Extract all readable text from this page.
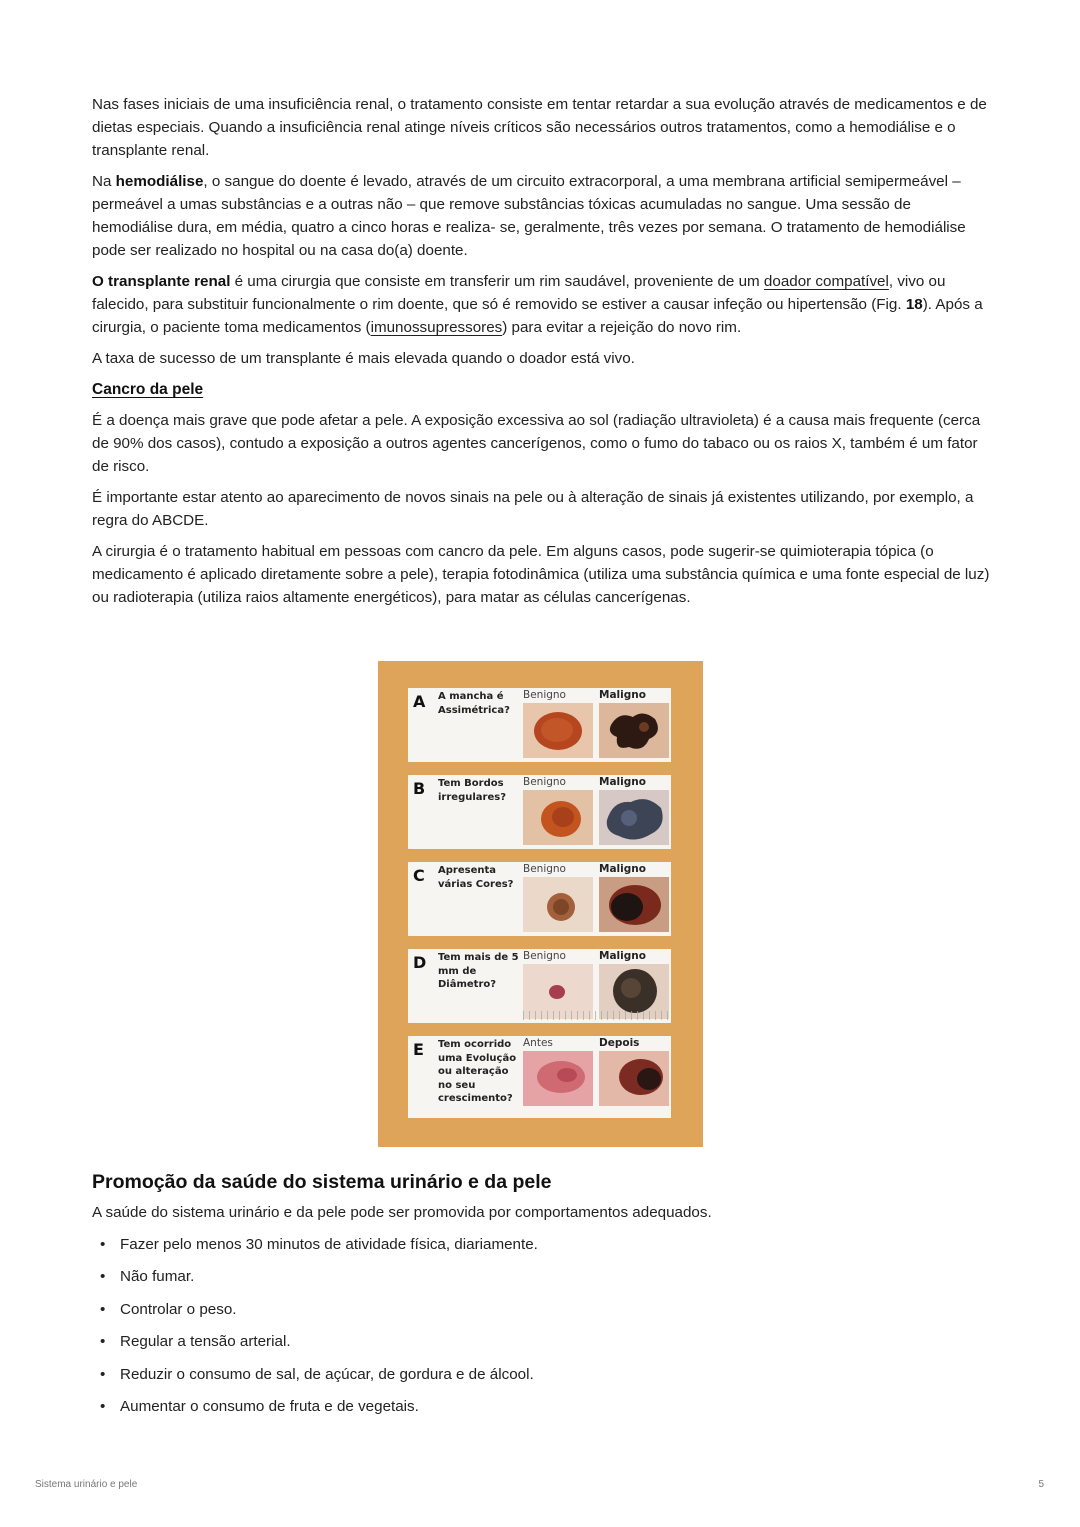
Nas fases iniciais de uma insuficiência renal, o tratamento consiste em tentar retardar a sua evolução através de medicamentos e de dietas especiais. Quando a insuficiência renal atinge níveis críticos são necessários outros tratamentos, como a hemodiálise e o transplante renal.

Na hemodiálise, o sangue do doente é levado, através de um circuito extracorporal, a uma membrana artificial semipermeável – permeável a umas substâncias e a outras não – que remove substâncias tóxicas acumuladas no sangue. Uma sessão de hemodiálise dura, em média, quatro a cinco horas e realiza- se, geralmente, três vezes por semana. O tratamento de hemodiálise pode ser realizado no hospital ou na casa do(a) doente.

O transplante renal é uma cirurgia que consiste em transferir um rim saudável, proveniente de um doador compatível, vivo ou falecido, para substituir funcionalmente o rim doente, que só é removido se estiver a causar infeção ou hipertensão (Fig. 18). Após a cirurgia, o paciente toma medicamentos (imunossupressores) para evitar a rejeição do novo rim.

A taxa de sucesso de um transplante é mais elevada quando o doador está vivo.

Cancro da pele

É a doença mais grave que pode afetar a pele. A exposição excessiva ao sol (radiação ultravioleta) é a causa mais frequente (cerca de 90% dos casos), contudo a exposição a outros agentes cancerígenos, como o fumo do tabaco ou os raios X, também é um fator de risco.

É importante estar atento ao aparecimento de novos sinais na pele ou à alteração de sinais já existentes utilizando, por exemplo, a regra do ABCDE.

A cirurgia é o tratamento habitual em pessoas com cancro da pele. Em alguns casos, pode sugerir-se quimioterapia tópica (o medicamento é aplicado diretamente sobre a pele), terapia fotodinâmica (utiliza uma substância química e uma fonte especial de luz) ou radioterapia (utiliza raios altamente energéticos), para matar as células cancerígenas.

A A mancha é Assimétrica?
Benigno	Maligno
B Tem Bordos irregulares?
Benigno	Maligno
C Apresenta várias Cores?
Benigno	Maligno
D Tem mais de 5 mm de Diâmetro?
Benigno	Maligno
E Tem ocorrido uma Evolução ou alteração no seu crescimento?
Antes	Depois
Promoção da saúde do sistema urinário e da pele

A saúde do sistema urinário e da pele pode ser promovida por comportamentos adequados.

• Fazer pelo menos 30 minutos de atividade física, diariamente.
• Não fumar.
• Controlar o peso.
• Regular a tensão arterial.
• Reduzir o consumo de sal, de açúcar, de gordura e de álcool.
• Aumentar o consumo de fruta e de vegetais.
Sistema urinário e pele	5
